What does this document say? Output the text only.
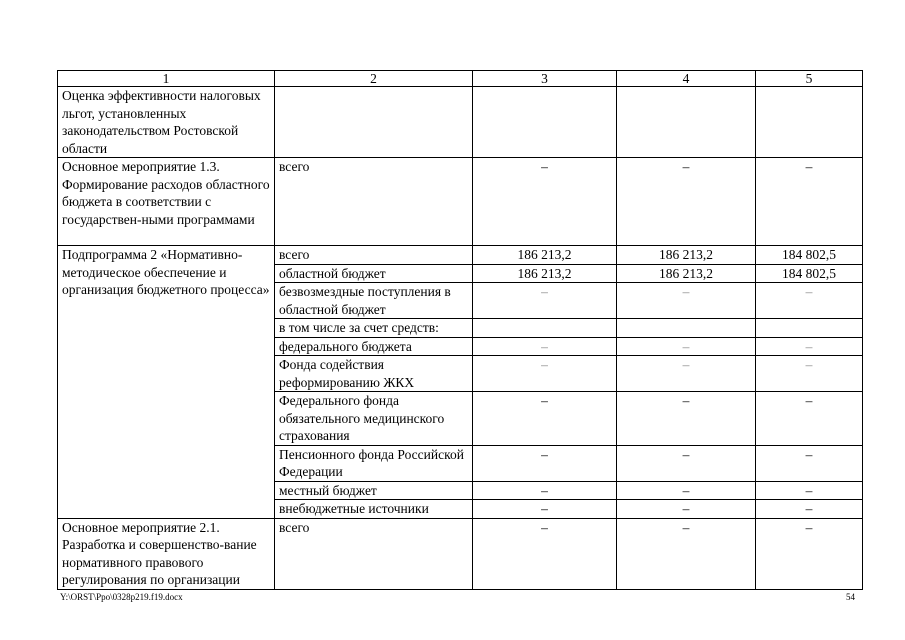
1	2	3	4	5
Оценка эффективности налоговых льгот, установленных законодательством Ростовской области				
Основное мероприятие 1.3. Формирование расходов областного бюджета в соответствии с государствен-ными программами	всего	–	–	–
Подпрограмма 2 «Нормативно-методическое обеспечение и организация бюджетного процесса»	всего	186 213,2	186 213,2	184 802,5
	областной бюджет	186 213,2	186 213,2	184 802,5
	безвозмездные поступления в областной бюджет	–	–	–
	в том числе за счет средств:			
	федерального бюджета	–	–	–
	Фонда содействия реформированию ЖКХ	–	–	–
	Федерального фонда обязательного медицинского страхования	–	–	–
	Пенсионного фонда Российской Федерации	–	–	–
	местный бюджет	–	–	–
	внебюджетные источники	–	–	–
Основное мероприятие 2.1. Разработка и совершенство-вание нормативного правового регулирования по организации	всего	–	–	–
Y:\ORST\Ppo\0328p219.f19.docx	54
